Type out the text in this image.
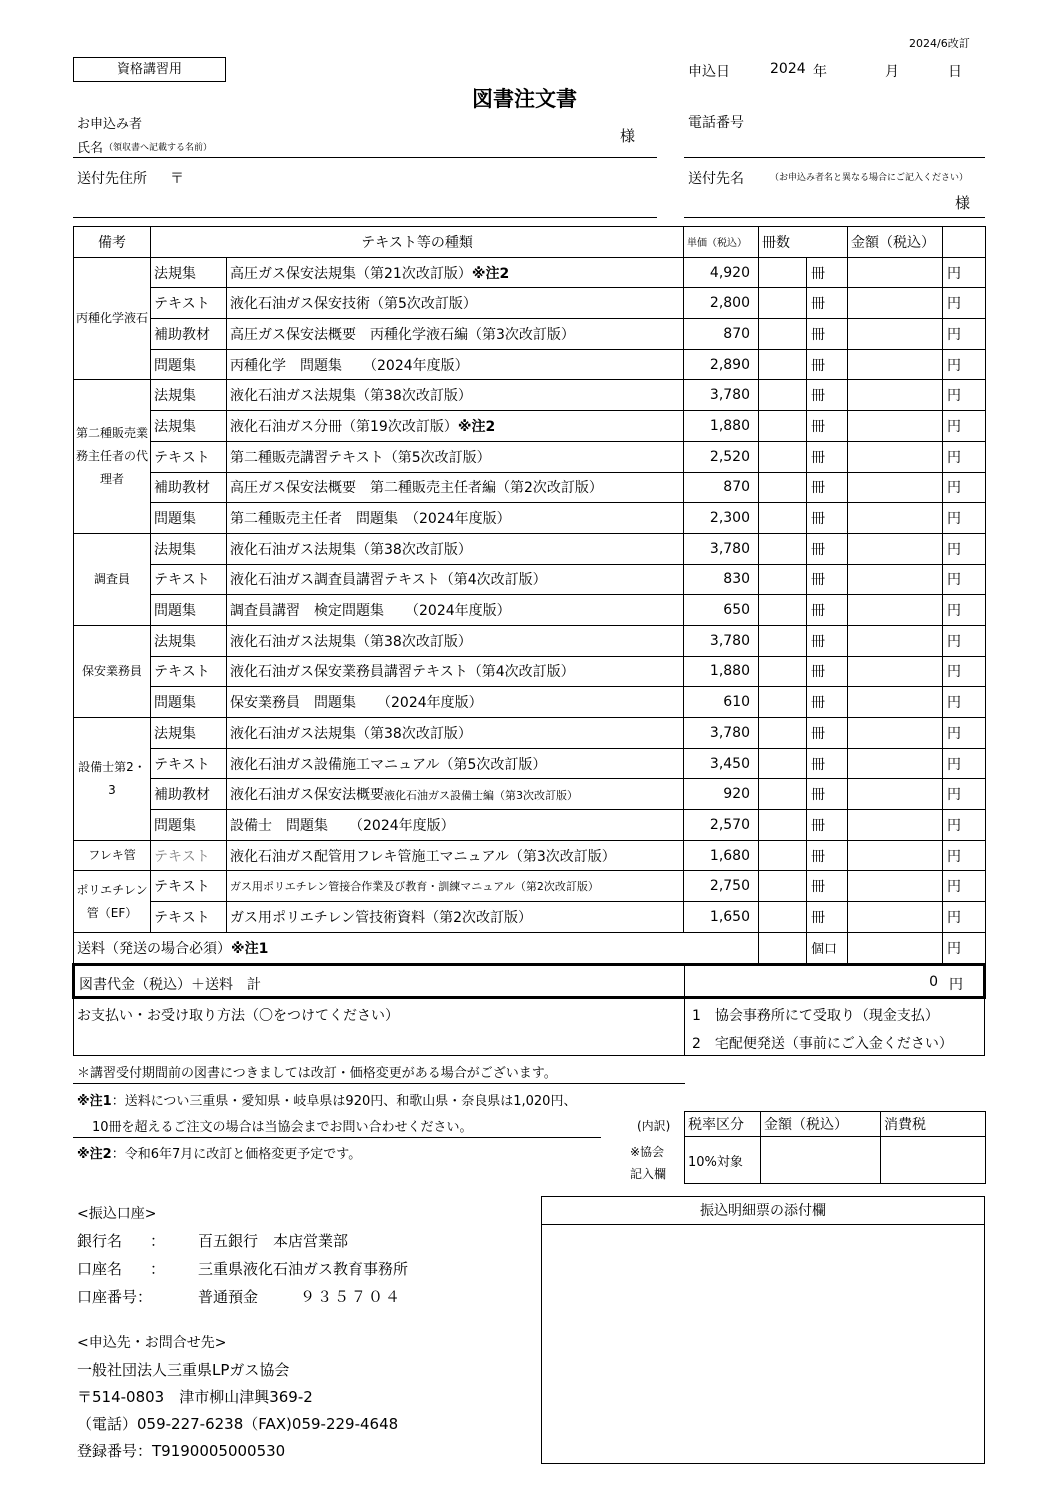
2024/6改訂
資格講習用
図書注文書
申込日	2024 年	月	日
お申込み者
氏名 （領収書へ記載する名前）
様
電話番号
送付先住所 〒	送付先名	（お申込み者名と異なる場合にご記入ください）
様
備考	テキスト等の種類		単価（税込）	冊数		金額（税込）	
丙種化学液石	法規集	高圧ガス保安法規集（第21次改訂版）※注2	4,920		冊		円
	テキスト	液化石油ガス保安技術（第5次改訂版）	2,800		冊		円
	補助教材	高圧ガス保安法概要　丙種化学液石編（第3次改訂版）	870		冊		円
	問題集	丙種化学　問題集　　（2024年度版）	2,890		冊		円
第二種販売業務主任者の代理者	法規集	液化石油ガス法規集（第38次改訂版）	3,780		冊		円
	法規集	液化石油ガス分冊（第19次改訂版）※注2	1,880		冊		円
	テキスト	第二種販売講習テキスト（第5次改訂版）	2,520		冊		円
	補助教材	高圧ガス保安法概要　第二種販売主任者編（第2次改訂版）	870		冊		円
	問題集	第二種販売主任者　問題集　（2024年度版）	2,300		冊		円
調査員	法規集	液化石油ガス法規集（第38次改訂版）	3,780		冊		円
	テキスト	液化石油ガス調査員講習テキスト（第4次改訂版）	830		冊		円
	問題集	調査員講習　検定問題集　　（2024年度版）	650		冊		円
保安業務員	法規集	液化石油ガス法規集（第38次改訂版）	3,780		冊		円
	テキスト	液化石油ガス保安業務員講習テキスト（第4次改訂版）	1,880		冊		円
	問題集	保安業務員　問題集　　（2024年度版）	610		冊		円
設備士第2・3	法規集	液化石油ガス法規集（第38次改訂版）	3,780		冊		円
	テキスト	液化石油ガス設備施工マニュアル（第5次改訂版）	3,450		冊		円
	補助教材	液化石油ガス保安法概要液化石油ガス設備士編（第3次改訂版）	920		冊		円
	問題集	設備士　問題集　　（2024年度版）	2,570		冊		円
フレキ管	テキスト	液化石油ガス配管用フレキ管施工マニュアル（第3次改訂版）	1,680		冊		円
ポリエチレン管（EF）	テキスト	ガス用ポリエチレン管接合作業及び教育・訓練マニュアル（第2次改訂版）	2,750		冊		円
	テキスト	ガス用ポリエチレン管技術資料（第2次改訂版）	1,650		冊		円
送料（発送の場合必須）※注1					個口		円
図書代金（税込）＋送料　計	0 円
お支払い・お受け取り方法（〇をつけてください）	1　協会事務所にて受取り（現金支払）
2　宅配便発送（事前にご入金ください）
＊講習受付期間前の図書につきましては改訂・価格変更がある場合がございます。
※注1：送料につい三重県・愛知県・岐阜県は920円、和歌山県・奈良県は1,020円、
10冊を超えるご注文の場合は当協会までお問い合わせください。
※注2：令和6年7月に改訂と価格変更予定です。
(内訳)
※協会
記入欄
税率区分	金額（税込）	消費税
10%対象		
<振込口座>
銀行名 ： 百五銀行　本店営業部
口座名 ： 三重県液化石油ガス教育事務所
口座番号：	普通預金	９３５７０４
<申込先・お問合せ先>
一般社団法人三重県LPガス協会
〒514-0803　津市柳山津興369-2
（電話）059-227-6238（FAX)059-229-4648
登録番号：T9190005000530
振込明細票の添付欄
